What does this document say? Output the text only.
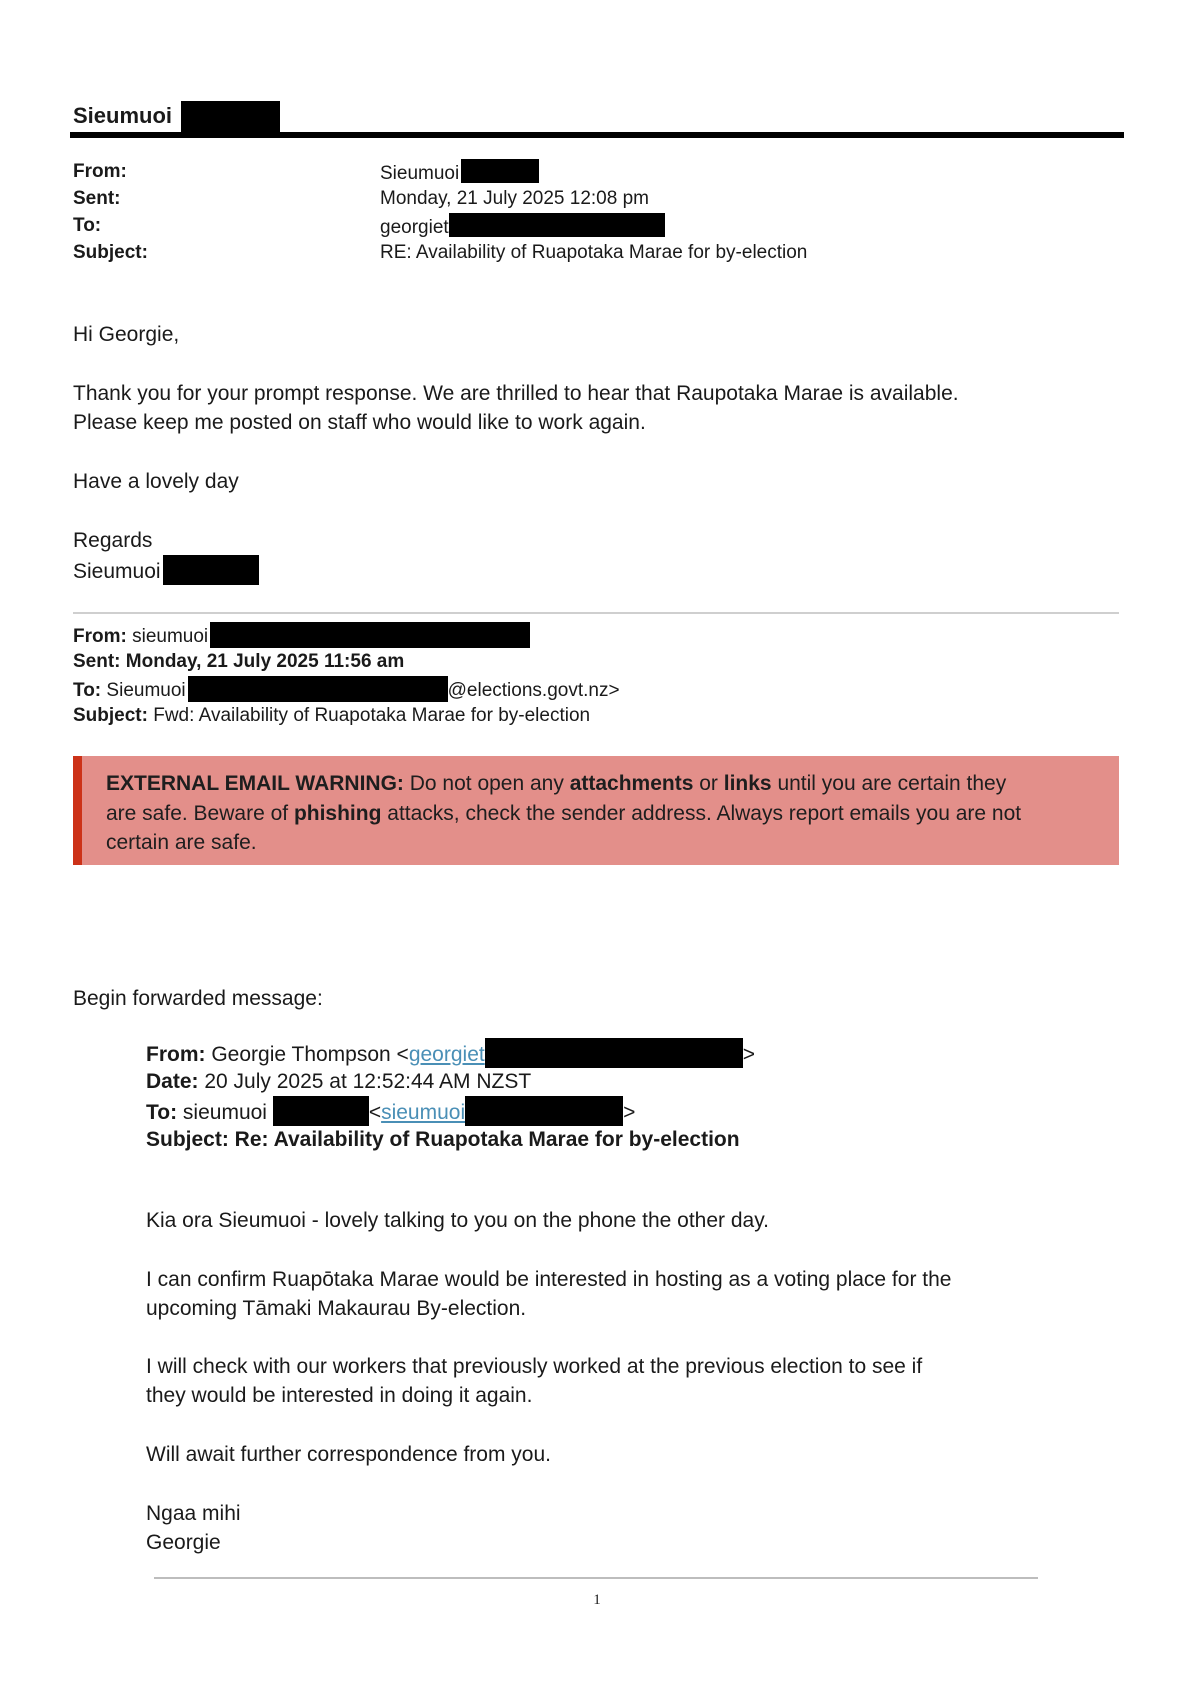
Sieumuoi
From:	Sieumuoi
Sent:	Monday, 21 July 2025 12:08 pm
To:	georgiet
Subject:	RE: Availability of Ruapotaka Marae for by-election
Hi Georgie,
Thank you for your prompt response. We are thrilled to hear that Raupotaka Marae is available.
Please keep me posted on staff who would like to work again.
Have a lovely day
Regards
Sieumuoi
From: sieumuoi
Sent: Monday, 21 July 2025 11:56 am
To: Sieumuoi	@elections.govt.nz>
Subject: Fwd: Availability of Ruapotaka Marae for by-election
EXTERNAL EMAIL WARNING: Do not open any attachments or links until you are certain they
are safe. Beware of phishing attacks, check the sender address. Always report emails you are not
certain are safe.
Begin forwarded message:
From: Georgie Thompson <georgiet	>
Date: 20 July 2025 at 12:52:44 AM NZST
To: sieumuoi	<sieumuoi	>
Subject: Re: Availability of Ruapotaka Marae for by-election
Kia ora Sieumuoi - lovely talking to you on the phone the other day.
I can confirm Ruapōtaka Marae would be interested in hosting as a voting place for the
upcoming Tāmaki Makaurau By-election.
I will check with our workers that previously worked at the previous election to see if
they would be interested in doing it again.
Will await further correspondence from you.
Ngaa mihi
Georgie
1
